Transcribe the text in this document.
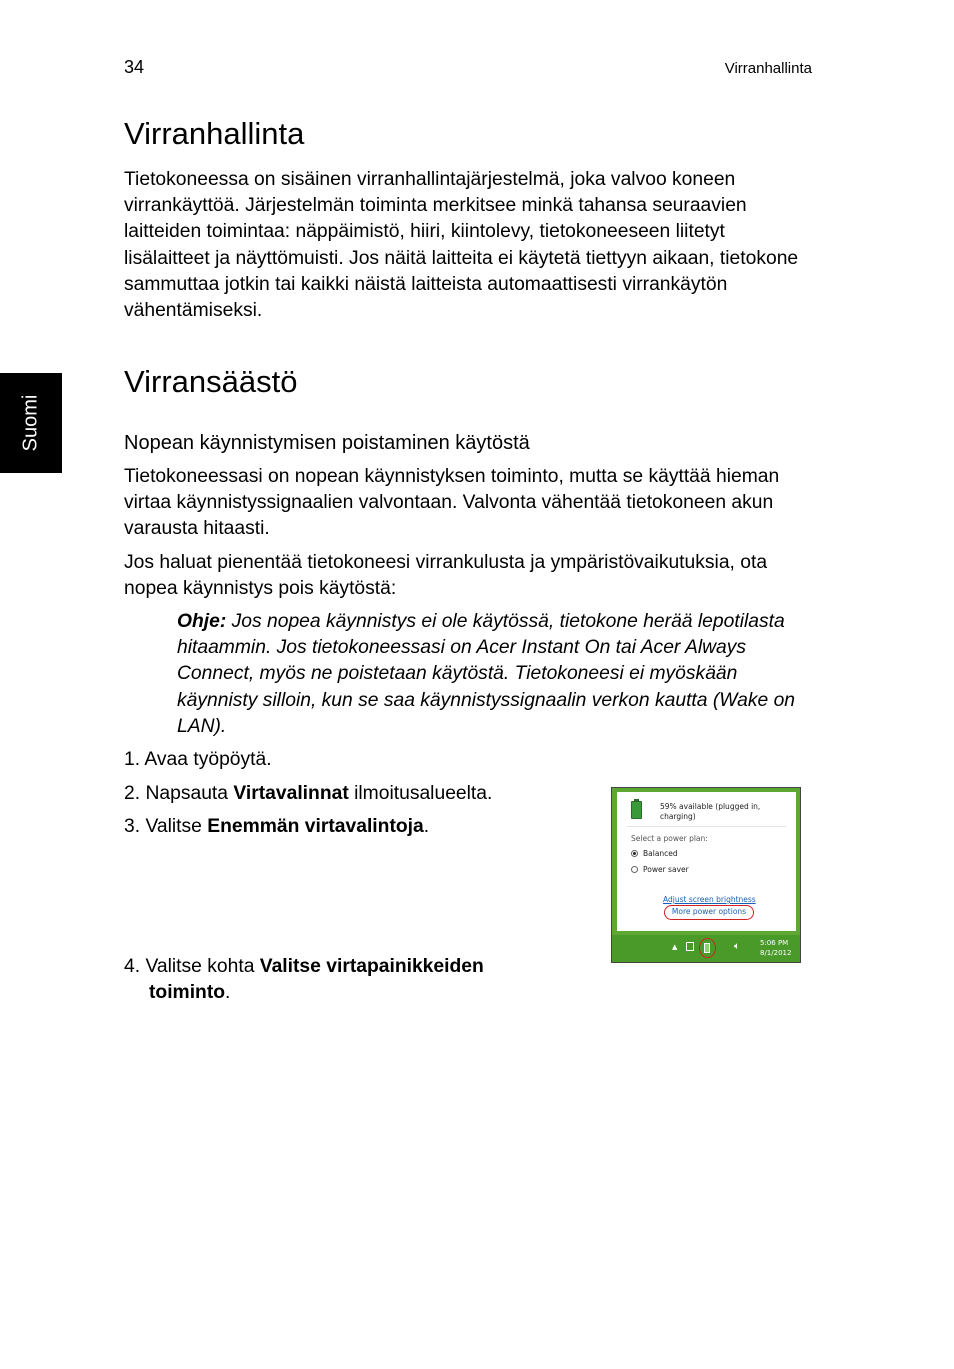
34	Virranhallinta
Suomi
Virranhallinta

Tietokoneessa on sisäinen virranhallintajärjestelmä, joka valvoo koneen virrankäyttöä. Järjestelmän toiminta merkitsee minkä tahansa seuraavien laitteiden toimintaa: näppäimistö, hiiri, kiintolevy, tietokoneeseen liitetyt lisälaitteet ja näyttömuisti. Jos näitä laitteita ei käytetä tiettyyn aikaan, tietokone sammuttaa jotkin tai kaikki näistä laitteista automaattisesti virrankäytön vähentämiseksi.

Virransäästö
Nopean käynnistymisen poistaminen käytöstä

Tietokoneessasi on nopean käynnistyksen toiminto, mutta se käyttää hieman virtaa käynnistyssignaalien valvontaan. Valvonta vähentää tietokoneen akun varausta hitaasti.

Jos haluat pienentää tietokoneesi virrankulusta ja ympäristövaikutuksia, ota nopea käynnistys pois käytöstä:

Ohje: Jos nopea käynnistys ei ole käytössä, tietokone herää lepotilasta hitaammin. Jos tietokoneessasi on Acer Instant On tai Acer Always Connect, myös ne poistetaan käytöstä. Tietokoneesi ei myöskään käynnisty silloin, kun se saa käynnistyssignaalin verkon kautta (Wake on LAN).

1. Avaa työpöytä.
2. Napsauta Virtavalinnat ilmoitusalueelta.
3. Valitse Enemmän virtavalintoja.
4. Valitse kohta Valitse virtapainikkeiden
toiminto.
59% available (plugged in, charging)
Select a power plan:
Balanced
Power saver
Adjust screen brightness
More power options
▲	🔈︎	5:06 PM
8/1/2012
